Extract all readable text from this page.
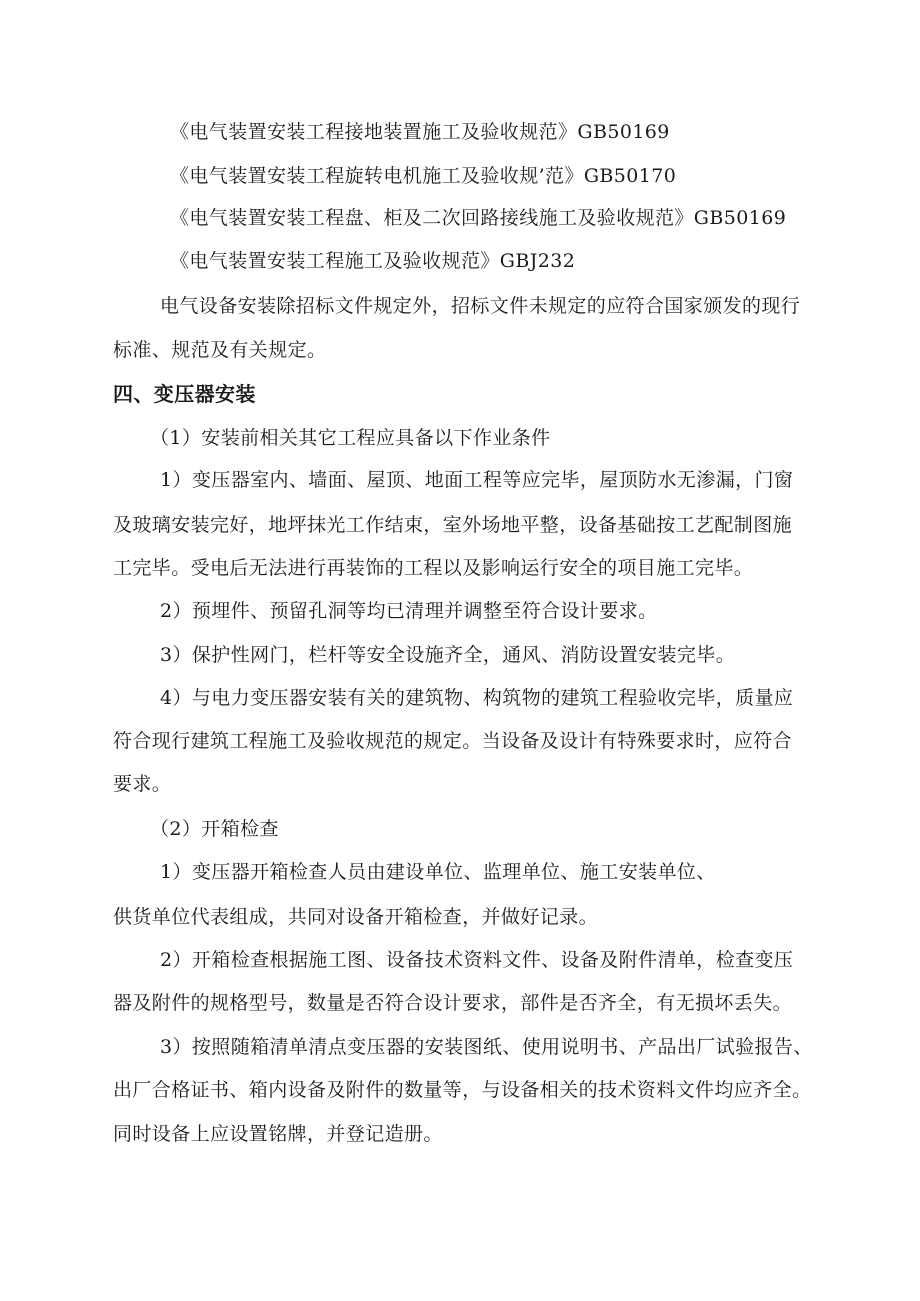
《电气装置安装工程接地装置施工及验收规范》GB50169
《电气装置安装工程旋转电机施工及验收规’范》GB50170
《电气装置安装工程盘、柜及二次回路接线施工及验收规范》GB50169
《电气装置安装工程施工及验收规范》GBJ232
电气设备安装除招标文件规定外，招标文件未规定的应符合国家颁发的现行
标准、规范及有关规定。
四、变压器安装
（1）安装前相关其它工程应具备以下作业条件
1）变压器室内、墙面、屋顶、地面工程等应完毕，屋顶防水无渗漏，门窗
及玻璃安装完好，地坪抹光工作结束，室外场地平整，设备基础按工艺配制图施
工完毕。受电后无法进行再装饰的工程以及影响运行安全的项目施工完毕。
2）预埋件、预留孔洞等均已清理并调整至符合设计要求。
3）保护性网门，栏杆等安全设施齐全，通风、消防设置安装完毕。
4）与电力变压器安装有关的建筑物、构筑物的建筑工程验收完毕，质量应
符合现行建筑工程施工及验收规范的规定。当设备及设计有特殊要求时，应符合
要求。
（2）开箱检查
1）变压器开箱检查人员由建设单位、监理单位、施工安装单位、
供货单位代表组成，共同对设备开箱检查，并做好记录。
2）开箱检查根据施工图、设备技术资料文件、设备及附件清单，检查变压
器及附件的规格型号，数量是否符合设计要求，部件是否齐全，有无损坏丢失。
3）按照随箱清单清点变压器的安装图纸、使用说明书、产品出厂试验报告、
出厂合格证书、箱内设备及附件的数量等，与设备相关的技术资料文件均应齐全。
同时设备上应设置铭牌，并登记造册。
